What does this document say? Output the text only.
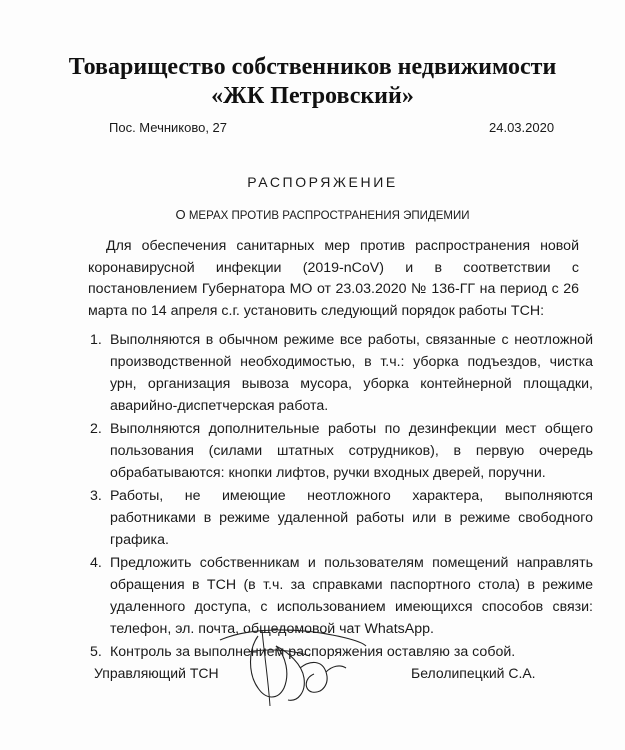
Товарищество собственников недвижимости
«ЖК Петровский»
Пос. Мечниково, 27	24.03.2020
РАСПОРЯЖЕНИЕ
О МЕРАХ ПРОТИВ РАСПРОСТРАНЕНИЯ ЭПИДЕМИИ
Для обеспечения санитарных мер против распространения новой коронавирусной инфекции (2019-nCoV) и в соответствии с постановлением Губернатора МО от 23.03.2020 № 136-ГГ на период с 26 марта по 14 апреля с.г. установить следующий порядок работы ТСН:
1. Выполняются в обычном режиме все работы, связанные с неотложной производственной необходимостью, в т.ч.: уборка подъездов, чистка урн, организация вывоза мусора, уборка контейнерной площадки, аварийно-диспетчерская работа.
2. Выполняются дополнительные работы по дезинфекции мест общего пользования (силами штатных сотрудников), в первую очередь обрабатываются: кнопки лифтов, ручки входных дверей, поручни.
3. Работы, не имеющие неотложного характера, выполняются работниками в режиме удаленной работы или в режиме свободного графика.
4. Предложить собственникам и пользователям помещений направлять обращения в ТСН (в т.ч. за справками паспортного стола) в режиме удаленного доступа, с использованием имеющихся способов связи: телефон, эл. почта, общедомовой чат WhatsApp.
5. Контроль за выполнением распоряжения оставляю за собой.
Управляющий ТСН	Белолипецкий С.А.
